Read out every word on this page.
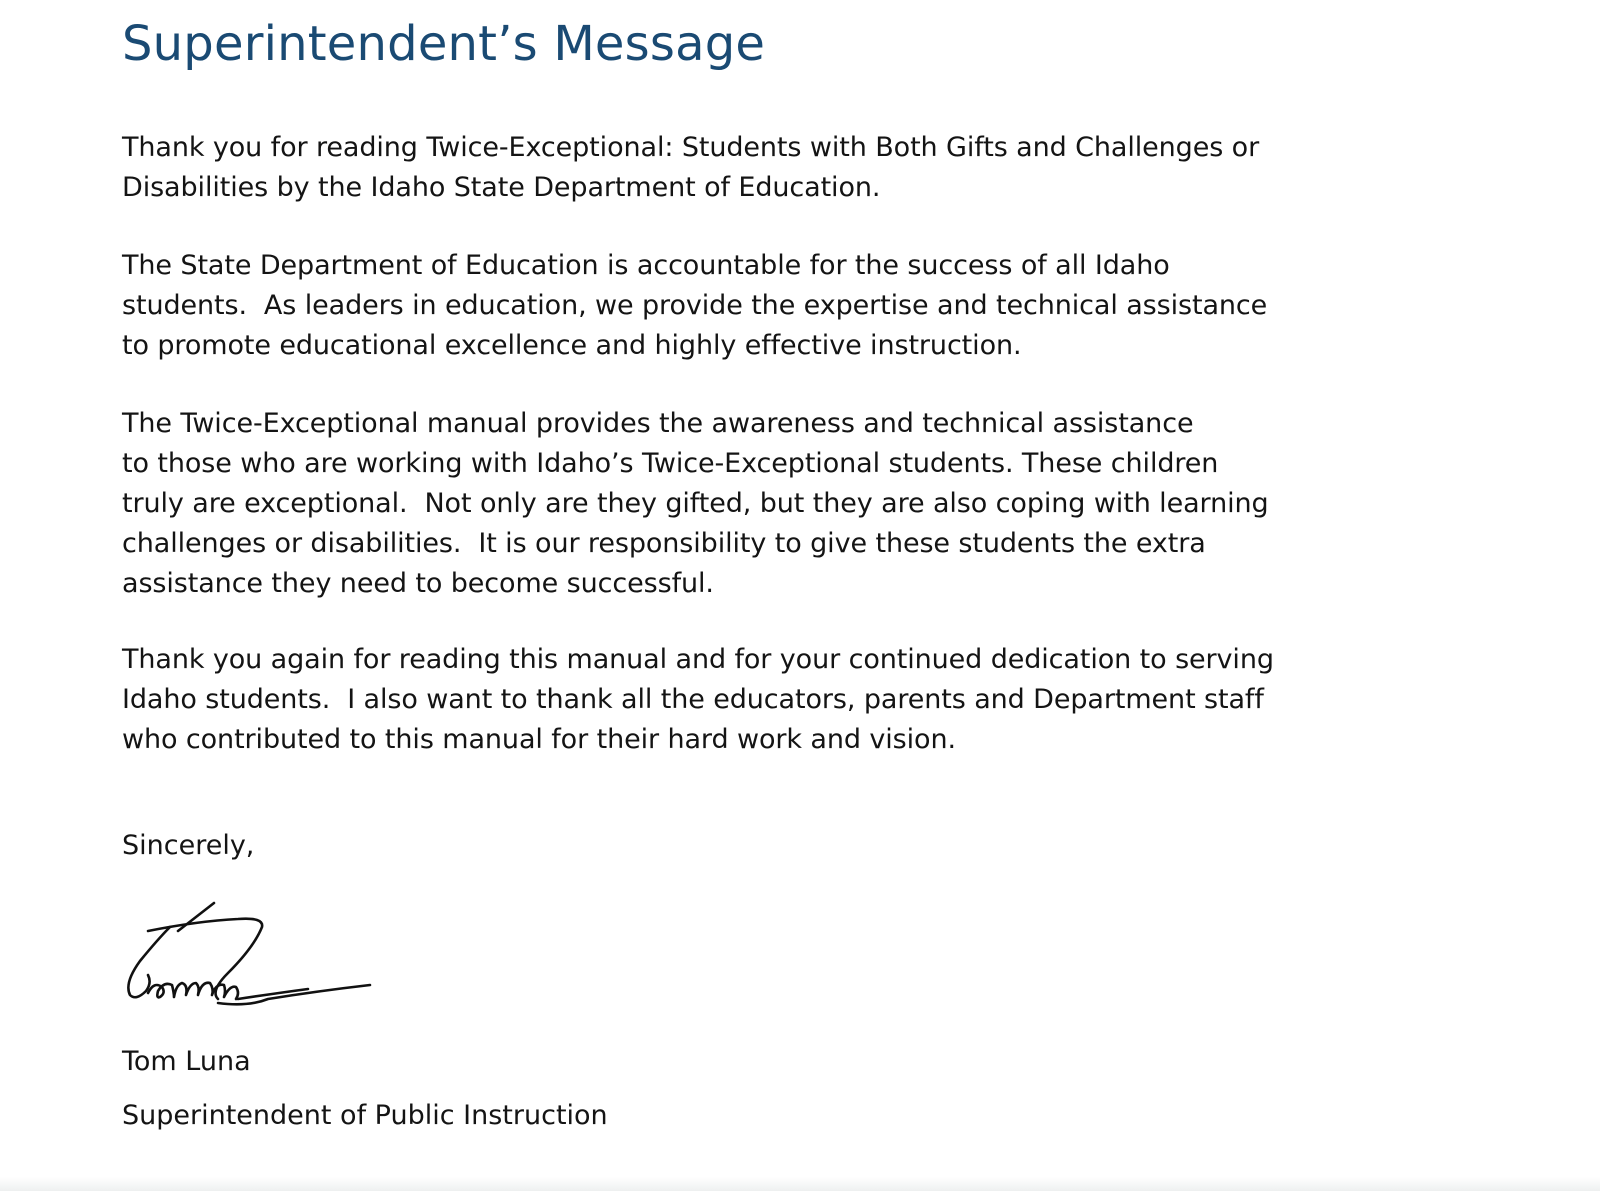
Superintendent’s Message
Thank you for reading Twice-Exceptional: Students with Both Gifts and Challenges or
Disabilities by the Idaho State Department of Education.
The State Department of Education is accountable for the success of all Idaho
students.  As leaders in education, we provide the expertise and technical assistance
to promote educational excellence and highly effective instruction.
The Twice-Exceptional manual provides the awareness and technical assistance
to those who are working with Idaho’s Twice-Exceptional students. These children
truly are exceptional.  Not only are they gifted, but they are also coping with learning
challenges or disabilities.  It is our responsibility to give these students the extra
assistance they need to become successful.
Thank you again for reading this manual and for your continued dedication to serving
Idaho students.  I also want to thank all the educators, parents and Department staff
who contributed to this manual for their hard work and vision.

Sincerely,

Tom Luna

Superintendent of Public Instruction
